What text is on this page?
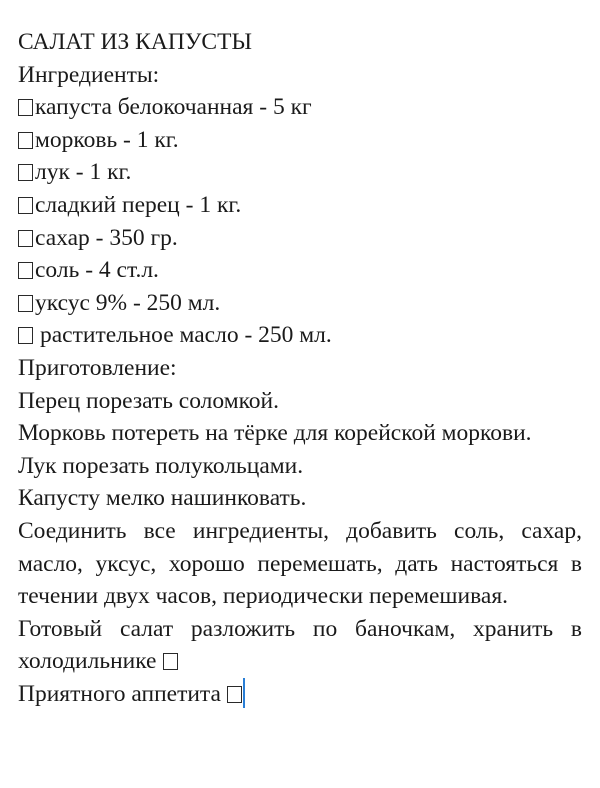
САЛАТ ИЗ КАПУСТЫ
Ингредиенты:
капуста белокочанная - 5 кг
морковь - 1 кг.
лук - 1 кг.
сладкий перец - 1 кг.
сахар - 350 гр.
соль - 4 ст.л.
уксус 9% - 250 мл.
растительное масло - 250 мл.
Приготовление:
Перец порезать соломкой.
Морковь потереть на тёрке для корейской моркови.
Лук порезать полукольцами.
Капусту мелко нашинковать.
Соединить все ингредиенты, добавить соль, сахар, масло, уксус, хорошо перемешать, дать настояться в течении двух часов, периодически перемешивая.
Готовый салат разложить по баночкам, хранить в холодильнике
Приятного аппетита
